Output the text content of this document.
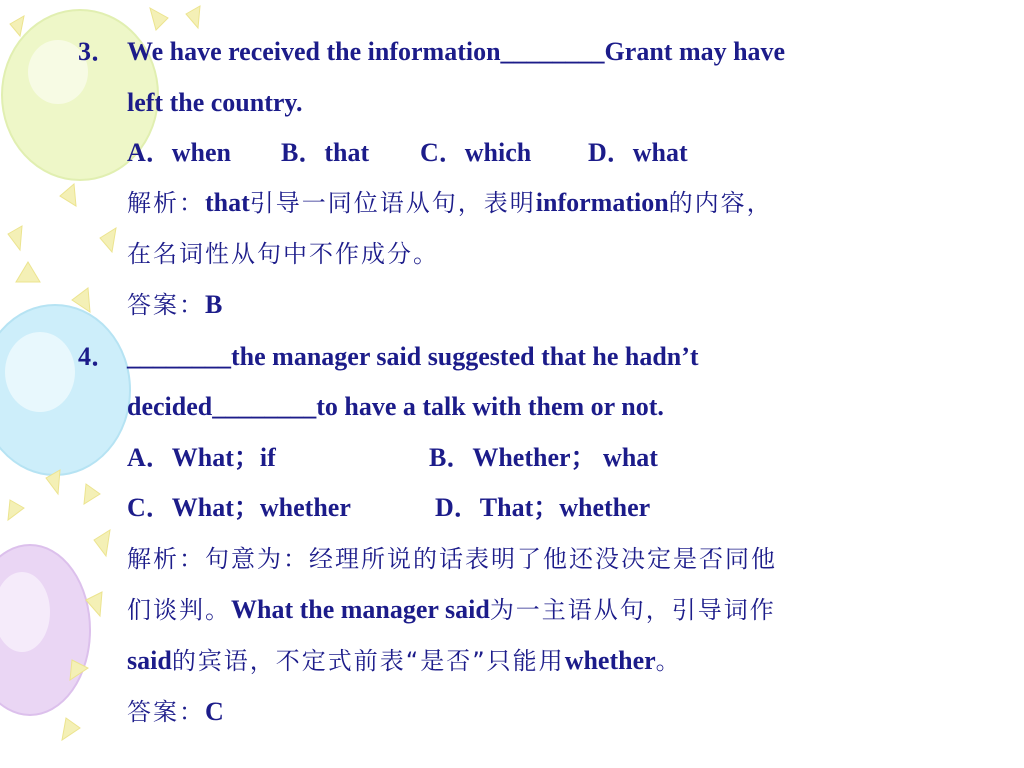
3． We have received the information________Grant may have
left the country.
A．when B．that C．which D．what
解析：that引导一同位语从句，表明information的内容，
在名词性从句中不作成分。
答案：B
4． ________the manager said suggested that he hadn’t
decided________to have a talk with them or not.
A．What；if	B．Whether； what
C．What；whether	D．That；whether
解析：句意为：经理所说的话表明了他还没决定是否同他
们谈判。What the manager said为一主语从句，引导词作
said的宾语，不定式前表“是否”只能用whether。
答案：C
